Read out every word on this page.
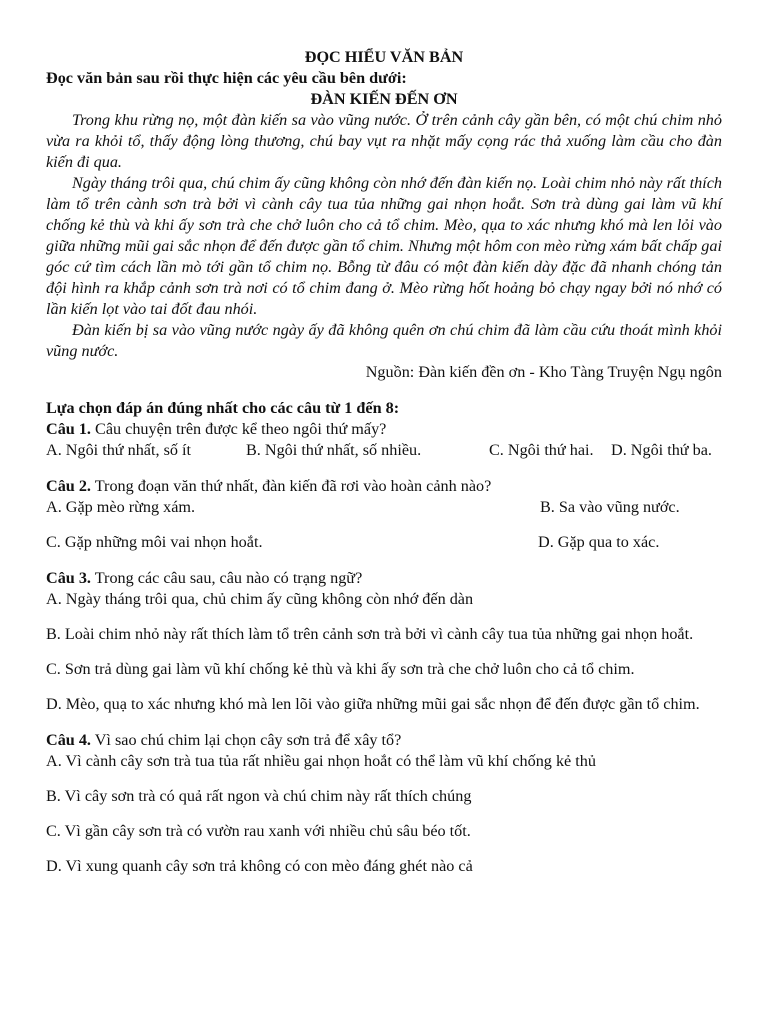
ĐỌC HIỂU VĂN BẢN
Đọc văn bản sau rồi thực hiện các yêu cầu bên dưới:
ĐÀN KIẾN ĐẾN ƠN

Trong khu rừng nọ, một đàn kiến sa vào vũng nước. Ở trên cảnh cây gần bên, có một chú chim nhỏ vừa ra khỏi tổ, thấy động lòng thương, chú bay vụt ra nhặt mấy cọng rác thả xuống làm cầu cho đàn kiến đi qua.

Ngày tháng trôi qua, chú chim ấy cũng không còn nhớ đến đàn kiến nọ. Loài chim nhỏ này rất thích làm tổ trên cành sơn trà bởi vì cành cây tua tủa những gai nhọn hoắt. Sơn trà dùng gai làm vũ khí chống kẻ thù và khi ấy sơn trà che chở luôn cho cả tổ chim. Mèo, qụa to xác nhưng khó mà len lỏi vào giữa những mũi gai sắc nhọn để đến được gần tổ chim. Nhưng một hôm con mèo rừng xám bất chấp gai góc cứ tìm cách lần mò tới gần tổ chim nọ. Bỗng từ đâu có một đàn kiến dày đặc đã nhanh chóng tản đội hình ra khắp cảnh sơn trà nơi có tổ chim đang ở. Mèo rừng hốt hoảng bỏ chạy ngay bởi nó nhớ có lần kiến lọt vào tai đốt đau nhói.

Đàn kiến bị sa vào vũng nước ngày ấy đã không quên ơn chú chim đã làm cầu cứu thoát mình khỏi vũng nước.

Nguồn: Đàn kiến đền ơn - Kho Tàng Truyện Ngụ ngôn

Lựa chọn đáp án đúng nhất cho các câu từ 1 đến 8:

Câu 1. Câu chuyện trên được kể theo ngôi thứ mấy?

A. Ngôi thứ nhất, số ít	B. Ngôi thứ nhất, số nhiều.	C. Ngôi thứ hai.	D. Ngôi thứ ba.

Câu 2. Trong đoạn văn thứ nhất, đàn kiến đã rơi vào hoàn cảnh nào?

A. Gặp mèo rừng xám.	B. Sa vào vũng nước.
C. Gặp những môi vai nhọn hoắt.	D. Gặp qua to xác.

Câu 3. Trong các câu sau, câu nào có trạng ngữ?

A. Ngày tháng trôi qua, chủ chim ấy cũng không còn nhớ đến dàn

B. Loài chim nhỏ này rất thích làm tổ trên cảnh sơn trà bởi vì cành cây tua tủa những gai nhọn hoắt.

C. Sơn trả dùng gai làm vũ khí chống kẻ thù và khi ấy sơn trà che chở luôn cho cả tổ chim.

D. Mèo, quạ to xác nhưng khó mà len lõi vào giữa những mũi gai sắc nhọn để đến được gần tổ chim.

Câu 4. Vì sao chú chim lại chọn cây sơn trả để xây tổ?

A. Vì cành cây sơn trà tua tủa rất nhiều gai nhọn hoắt có thể làm vũ khí chống kẻ thủ

B. Vì cây sơn trà có quả rất ngon và chú chim này rất thích chúng

C. Vì gần cây sơn trà có vườn rau xanh với nhiều chủ sâu béo tốt.

D. Vì xung quanh cây sơn trả không có con mèo đáng ghét nào cả
